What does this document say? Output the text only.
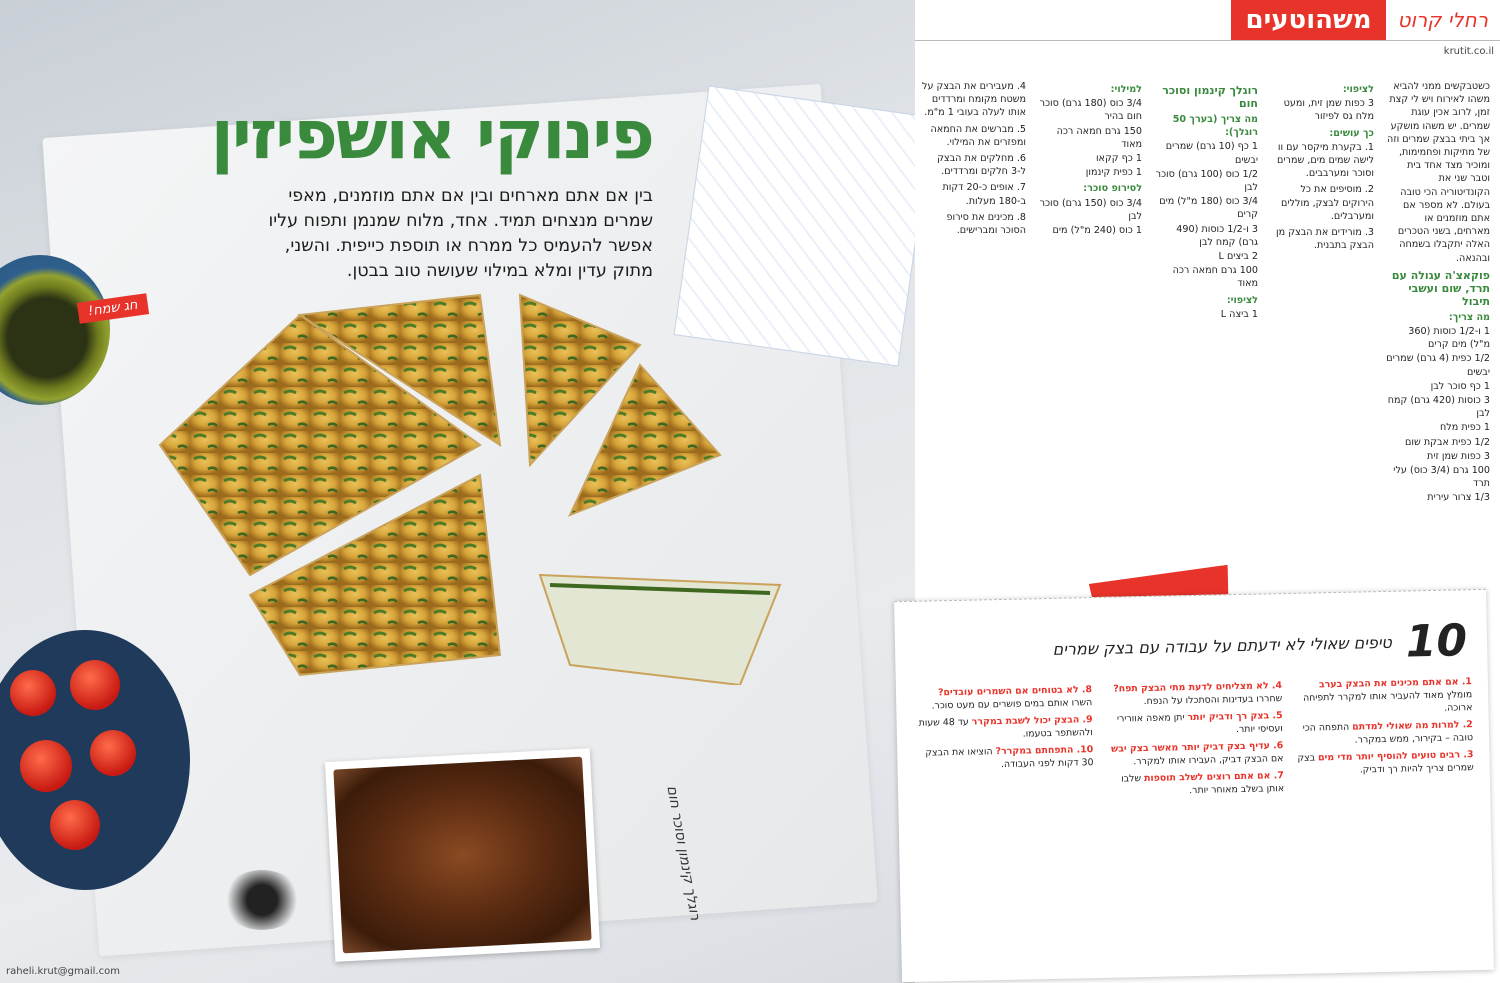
פינוקי אושפיזין
בין אם אתם מארחים ובין אם אתם מוזמנים, מאפי שמרים מנצחים תמיד. אחד, מלוח שמנמן ותפוח עליו אפשר להעמיס כל ממרח או תוספת כייפית. והשני, מתוק עדין ומלא במילוי שעושה טוב בבטן.
חג שמח!
רוגלך קינמון וסוכר חום
raheli.krut@gmail.com
רחלי קרוט
משהוטעים
krutit.co.il

כשטבקשים ממני להביא משהו לאירוח ויש לי קצת זמן, לרוב אכין עוגת שמרים. יש משהו מושקע אך ביתי בבצק שמרים וזה של מתיקות ופחמימות, ומוכיר מצד אחד בית וטבר שני את הקונדיטוריה הכי טובה בעולם. לא מספר אם אתם מוזמנים או מארחים, בשני הטכרים האלה יתקבלו בשמחה ובהנאה.

פוקאצ'ה עגולה עם תרד, שום ועשבי תיבול
מה צריך:
1 ו-1/2 כוסות (360 מ"ל) מים קרים
1/2 כפית (4 גרם) שמרים יבשים
1 כף סוכר לבן
3 כוסות (420 גרם) קמח לבן
1 כפית מלח
1/2 כפית אבקת שום
3 כפות שמן זית
100 גרם (3/4 כוס) עלי תרד
1/3 צרור עירית
לציפוי:
3 כפות שמן זית, ומעט מלח גס לפיזור
כך עושים:

1. בקערת מיקסר עם וו לישה שמים מים, שמרים וסוכר ומערבבים.

2. מוסיפים את כל הירוקים לבצק, מוללים ומערבלים.

3. מורידים את הבצק מן הבצק בתבנית.

רוגלך קינמון וסוכר חום
מה צריך (בערך 50 רוגלך):
1 כף (10 גרם) שמרים יבשים
1/2 כוס (100 גרם) סוכר לבן
3/4 כוס (180 מ"ל) מים קרים
3 ו-1/2 כוסות (490 גרם) קמח לבן
2 ביצים L
100 גרם חמאה רכה מאוד
לציפוי:
1 ביצה L
למילוי:
3/4 כוס (180 גרם) סוכר חום בהיר
150 גרם חמאה רכה מאוד
1 כף קקאו
1 כפית קינמון
לסירופ סוכר:
3/4 כוס (150 גרם) סוכר לבן
1 כוס (240 מ"ל) מים

4. מעבירים את הבצק על משטח מקומח ומרדדים אותו לעלה בעובי 1 מ"מ.

5. מברשים את החמאה ומפזרים את המילוי.

6. מחלקים את הבצק ל-3 חלקים ומרדדים.

7. אופים כ-20 דקות ב-180 מעלות.

8. מכינים את סירופ הסוכר ומברישים.

10
טיפים שאולי לא ידעתם על עבודה עם בצק שמרים

1. אם אתם מכינים את הבצק בערב מומלץ מאוד להעביר אותו למקרר לתפיחה ארוכה.

2. למרות מה שאולי למדתם התפחה הכי טובה – בקירור, ממש במקרר.

3. רבים טועים להוסיף יותר מדי מים בצק שמרים צריך להיות רך ודביק.

4. לא מצליחים לדעת מתי הבצק תפח? שחררו בעדינות והסתכלו על הנפח.

5. בצק רך ודביק יותר יתן מאפה אוורירי ועסיסי יותר.

6. עדיף בצק דביק יותר מאשר בצק יבש אם הבצק דביק, העבירו אותו למקרר.

7. אם אתם רוצים לשלב תוספות שלבו אותן בשלב מאוחר יותר.

8. לא בטוחים אם השמרים עובדים? השרו אותם במים פושרים עם מעט סוכר.

9. הבצק יכול לשבת במקרר עד 48 שעות ולהשתפר בטעמו.

10. התפחתם במקרר? הוציאו את הבצק 30 דקות לפני העבודה.
